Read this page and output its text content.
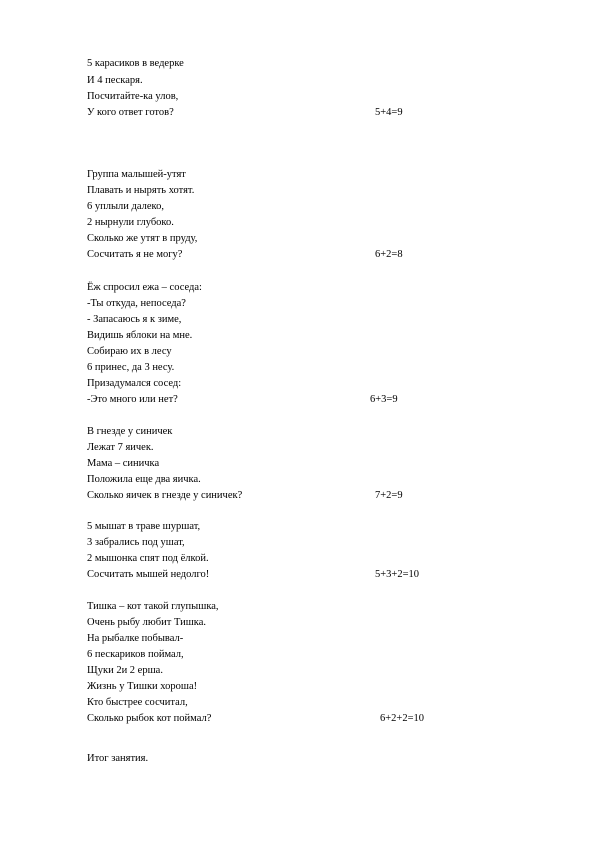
5 карасиков в ведерке
И 4 пескаря.
Посчитайте-ка улов,
У кого ответ готов?	5+4=9
Группа малышей-утят
Плавать и нырять хотят.
6 уплыли далеко,
2 нырнули глубоко.
Сколько же утят в пруду,
Сосчитать я не могу?	6+2=8
Ёж спросил ежа – соседа:
-Ты откуда, непоседа?
- Запасаюсь я к зиме,
Видишь яблоки на мне.
Собираю их в лесу
6 принес, да 3 несу.
Призадумался сосед:
-Это много или нет?	6+3=9
В гнезде у синичек
Лежат 7 яичек.
Мама – синичка
Положила еще два яичка.
Сколько яичек в гнезде у синичек?	7+2=9
5 мышат в траве шуршат,
3 забрались под ушат,
2 мышонка спят под ёлкой.
Сосчитать мышей недолго!	5+3+2=10
Тишка – кот такой глупышка,
Очень рыбу любит Тишка.
На рыбалке побывал-
6 пескариков поймал,
Щуки 2и 2 ерша.
Жизнь у Тишки хороша!
Кто быстрее сосчитал,
Сколько рыбок кот поймал?	6+2+2=10
Итог занятия.
